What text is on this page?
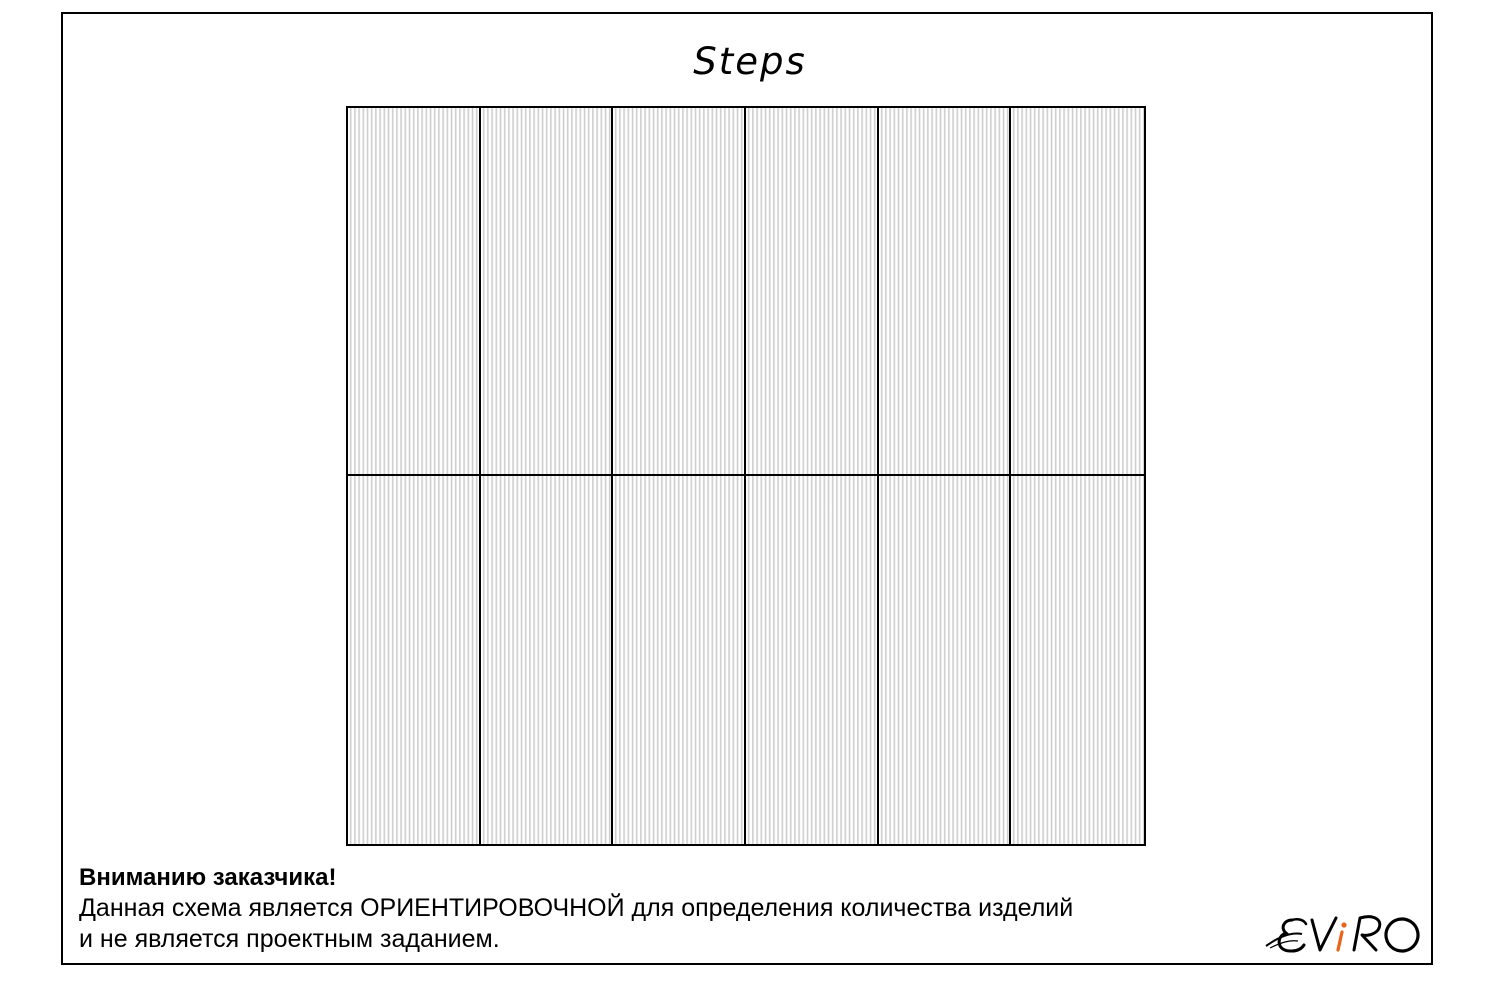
Steps
Вниманию заказчика!
Данная схема является ОРИЕНТИРОВОЧНОЙ для определения количества изделий
и не является проектным заданием.
